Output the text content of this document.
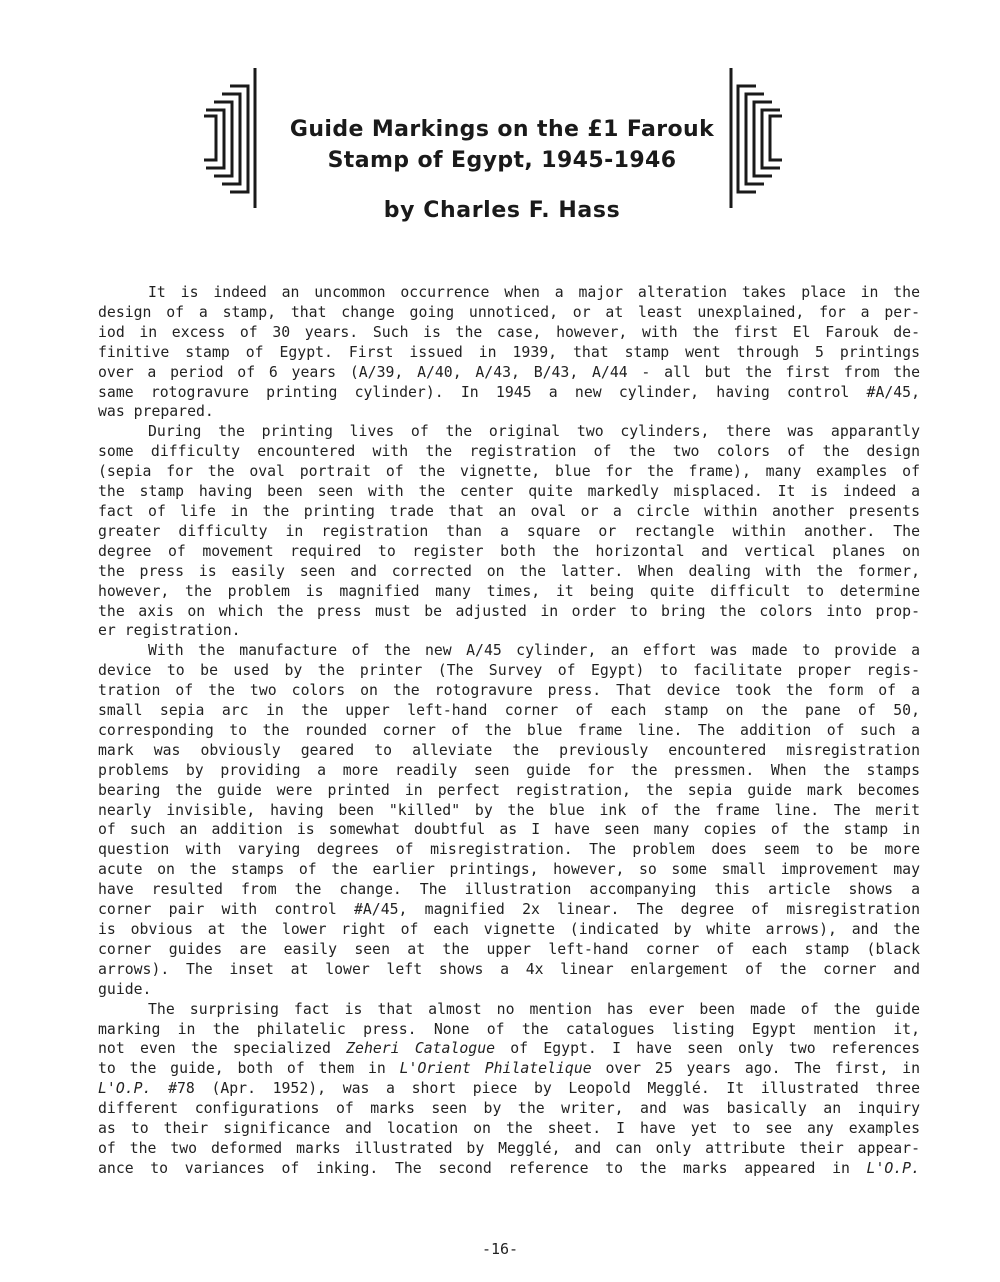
Guide Markings on the £1 Farouk
Stamp of Egypt, 1945-1946
by Charles F. Hass
It is indeed an uncommon occurrence when a major alteration takes place in the
design of a stamp, that change going unnoticed, or at least unexplained, for a per-
iod in excess of 30 years. Such is the case, however, with the first El Farouk de-
finitive stamp of Egypt. First issued in 1939, that stamp went through 5 printings
over a period of 6 years (A/39, A/40, A/43, B/43, A/44 - all but the first from the
same rotogravure printing cylinder). In 1945 a new cylinder, having control #A/45,
was prepared.
During the printing lives of the original two cylinders, there was apparantly
some difficulty encountered with the registration of the two colors of the design
(sepia for the oval portrait of the vignette, blue for the frame), many examples of
the stamp having been seen with the center quite markedly misplaced. It is indeed a
fact of life in the printing trade that an oval or a circle within another presents
greater difficulty in registration than a square or rectangle within another. The
degree of movement required to register both the horizontal and vertical planes on
the press is easily seen and corrected on the latter. When dealing with the former,
however, the problem is magnified many times, it being quite difficult to determine
the axis on which the press must be adjusted in order to bring the colors into prop-
er registration.
With the manufacture of the new A/45 cylinder, an effort was made to provide a
device to be used by the printer (The Survey of Egypt) to facilitate proper regis-
tration of the two colors on the rotogravure press. That device took the form of a
small sepia arc in the upper left-hand corner of each stamp on the pane of 50,
corresponding to the rounded corner of the blue frame line. The addition of such a
mark was obviously geared to alleviate the previously encountered misregistration
problems by providing a more readily seen guide for the pressmen. When the stamps
bearing the guide were printed in perfect registration, the sepia guide mark becomes
nearly invisible, having been "killed" by the blue ink of the frame line. The merit
of such an addition is somewhat doubtful as I have seen many copies of the stamp in
question with varying degrees of misregistration. The problem does seem to be more
acute on the stamps of the earlier printings, however, so some small improvement may
have resulted from the change. The illustration accompanying this article shows a
corner pair with control #A/45, magnified 2x linear. The degree of misregistration
is obvious at the lower right of each vignette (indicated by white arrows), and the
corner guides are easily seen at the upper left-hand corner of each stamp (black
arrows). The inset at lower left shows a 4x linear enlargement of the corner and
guide.
The surprising fact is that almost no mention has ever been made of the guide
marking in the philatelic press. None of the catalogues listing Egypt mention it,
not even the specialized Zeheri Catalogue of Egypt. I have seen only two references
to the guide, both of them in L'Orient Philatelique over 25 years ago. The first, in
L'O.P. #78 (Apr. 1952), was a short piece by Leopold Megglé. It illustrated three
different configurations of marks seen by the writer, and was basically an inquiry
as to their significance and location on the sheet. I have yet to see any examples
of the two deformed marks illustrated by Megglé, and can only attribute their appear-
ance to variances of inking. The second reference to the marks appeared in L'O.P.
-16-
